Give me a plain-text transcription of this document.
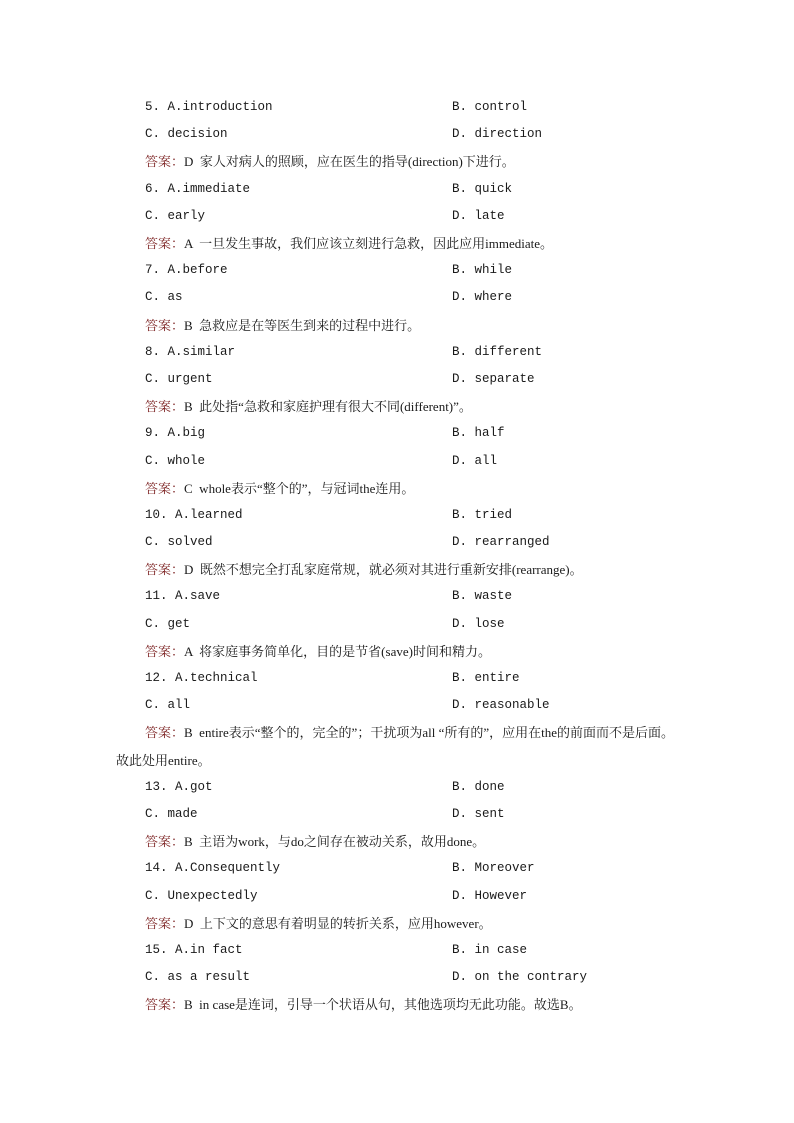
5. A.introduction	B. control
C. decision	D. direction
答案：D  家人对病人的照顾，应在医生的指导(direction)下进行。
6. A.immediate	B. quick
C. early	D. late
答案：A  一旦发生事故，我们应该立刻进行急救，因此应用immediate。
7. A.before	B. while
C. as	D. where
答案：B  急救应是在等医生到来的过程中进行。
8. A.similar	B. different
C. urgent	D. separate
答案：B  此处指“急救和家庭护理有很大不同(different)”。
9. A.big	B. half
C. whole	D. all
答案：C  whole表示“整个的”，与冠词the连用。
10. A.learned	B. tried
C. solved	D. rearranged
答案：D  既然不想完全打乱家庭常规，就必须对其进行重新安排(rearrange)。
11. A.save	B. waste
C. get	D. lose
答案：A  将家庭事务简单化，目的是节省(save)时间和精力。
12. A.technical	B. entire
C. all	D. reasonable
答案：B  entire表示“整个的，完全的”；干扰项为all “所有的”，应用在the的前面而不是后面。故此处用entire。
13. A.got	B. done
C. made	D. sent
答案：B  主语为work，与do之间存在被动关系，故用done。
14. A.Consequently	B. Moreover
C. Unexpectedly	D. However
答案：D  上下文的意思有着明显的转折关系，应用however。
15. A.in fact	B. in case
C. as a result	D. on the contrary
答案：B  in case是连词，引导一个状语从句，其他选项均无此功能。故选B。
